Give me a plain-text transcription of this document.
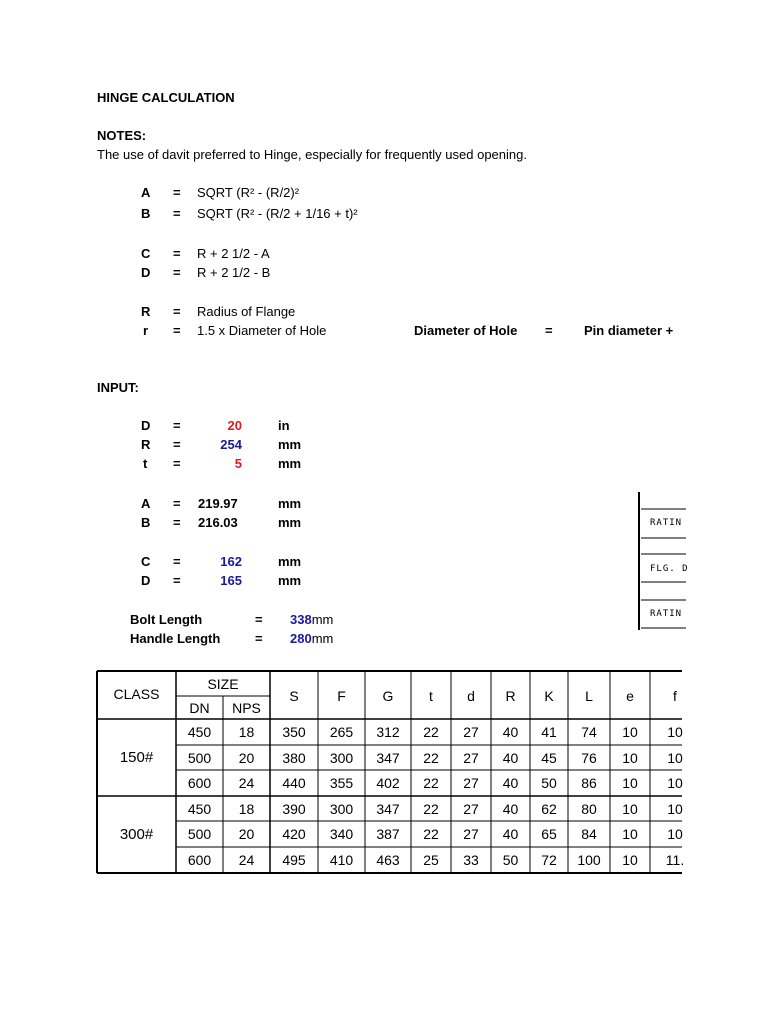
HINGE CALCULATION
NOTES:
The use of davit preferred to Hinge, especially for frequently used opening.
A = SQRT (R² - (R/2)²
B = SQRT (R² - (R/2 + 1/16 + t)²
C = R + 2 1/2 - A
D = R + 2 1/2 - B
R = Radius of Flange
r = 1.5 x Diameter of Hole	Diameter of Hole = Pin diameter +
INPUT:
D =	20	in
R =	254	mm
t =	5	mm
A = 219.97	mm
B = 216.03	mm
C =	162	mm
D =	165	mm
Bolt Length	= 338mm
Handle Length	= 280mm
RATIN
FLG. D
RATIN
CLASS
SIZE
DN	NPS
S	F	G	t	d	R	K	L	e	f
150#
300#
450	18	350	265	312	22	27	40	41	74	10	10
500	20	380	300	347	22	27	40	45	76	10	10
600	24	440	355	402	22	27	40	50	86	10	10
450	18	390	300	347	22	27	40	62	80	10	10
500	20	420	340	387	22	27	40	65	84	10	10
600	24	495	410	463	25	33	50	72	100	10	11.
